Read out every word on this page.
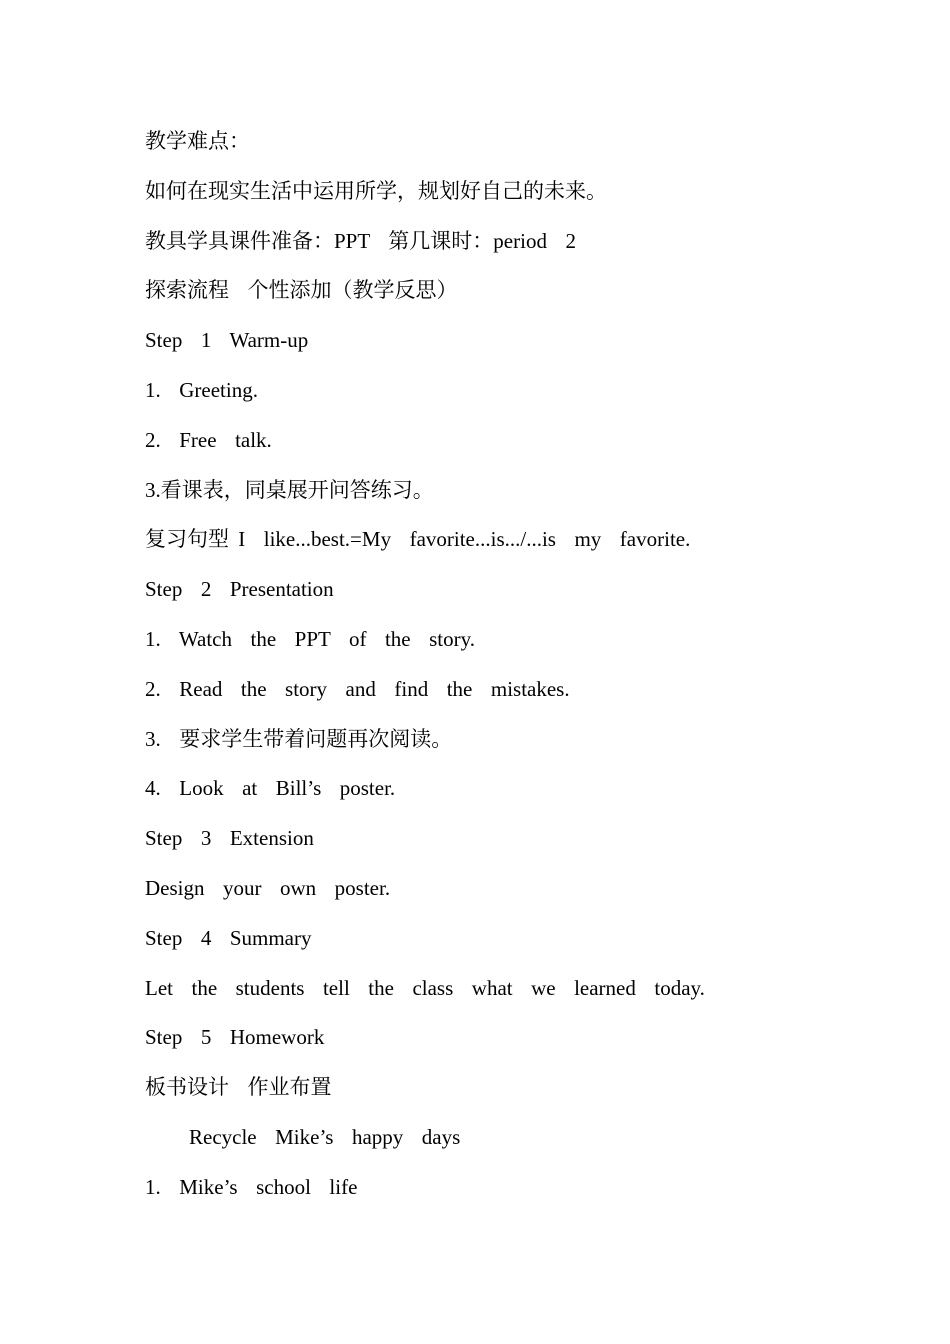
教学难点：
如何在现实生活中运用所学，规划好自己的未来。
教具学具课件准备：PPT  第几课时：period  2
探索流程  个性添加（教学反思）
Step  1  Warm-up
1.  Greeting.
2.  Free  talk.
3.看课表，同桌展开问答练习。
复习句型 I  like...best.=My  favorite...is.../...is  my  favorite.
Step  2  Presentation
1.  Watch  the  PPT  of  the  story.
2.  Read  the  story  and  find  the  mistakes.
3.  要求学生带着问题再次阅读。
4.  Look  at  Bill’s  poster.
Step  3  Extension
Design  your  own  poster.
Step  4  Summary
Let  the  students  tell  the  class  what  we  learned  today.
Step  5  Homework
板书设计  作业布置
Recycle  Mike’s  happy  days
1.  Mike’s  school  life
